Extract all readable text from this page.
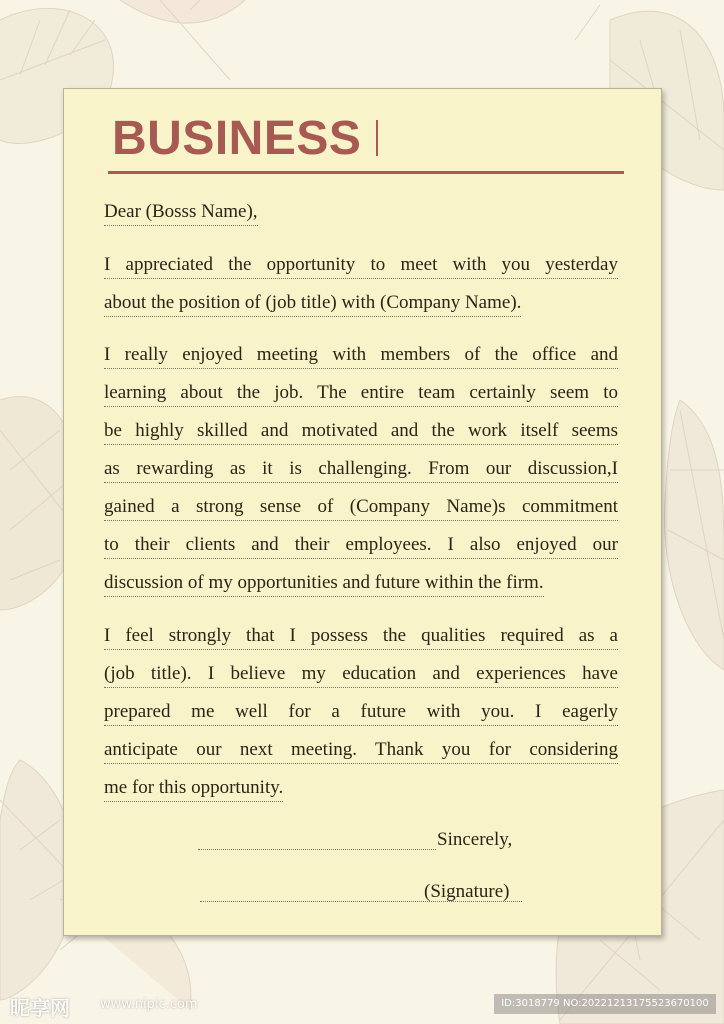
BUSINESS
Dear (Bosss Name),
I appreciated the opportunity to meet with you yesterday
about the position of (job title) with (Company Name).
I really enjoyed meeting with members of the office and
learning about the job. The entire team certainly seem to
be highly skilled and motivated and the work itself seems
as rewarding as it is challenging. From our discussion,I
gained a strong sense of (Company Name)s commitment
to their clients and their employees. I also enjoyed our
discussion of my opportunities and future within the firm.
I feel strongly that I possess the qualities required as a
(job title). I believe my education and experiences have
prepared me well for a future with you. I eagerly
anticipate our next meeting. Thank you for considering
me for this opportunity.
Sincerely,
(Signature)
昵享网 www.nipic.com	ID:3018779 NO:20221213175523670100
